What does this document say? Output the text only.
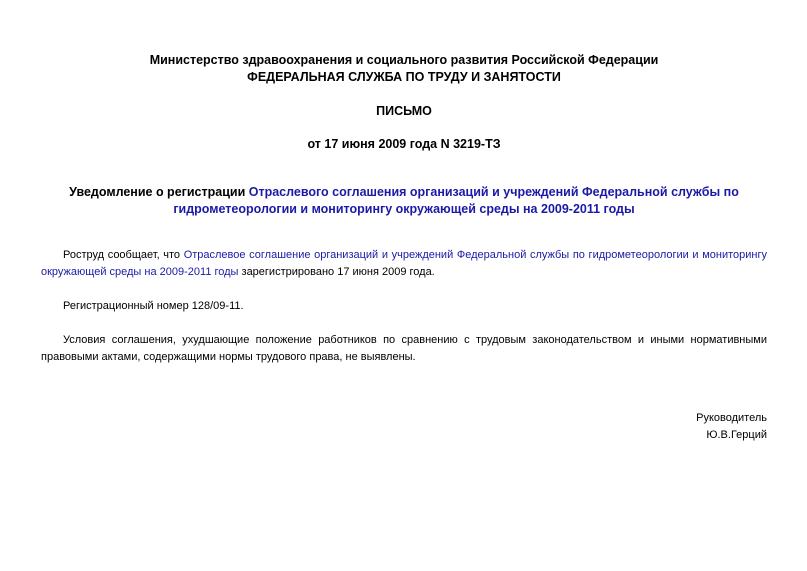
Министерство здравоохранения и социального развития Российской Федерации

ФЕДЕРАЛЬНАЯ СЛУЖБА ПО ТРУДУ И ЗАНЯТОСТИ

ПИСЬМО

от 17 июня 2009 года N 3219-ТЗ

Уведомление о регистрации Отраслевого соглашения организаций и учреждений Федеральной службы по гидрометеорологии и мониторингу окружающей среды на 2009-2011 годы

Роструд сообщает, что Отраслевое соглашение организаций и учреждений Федеральной службы по гидрометеорологии и мониторингу окружающей среды на 2009-2011 годы зарегистрировано 17 июня 2009 года.

Регистрационный номер 128/09-11.

Условия соглашения, ухудшающие положение работников по сравнению с трудовым законодательством и иными нормативными правовыми актами, содержащими нормы трудового права, не выявлены.

Руководитель

Ю.В.Герций
